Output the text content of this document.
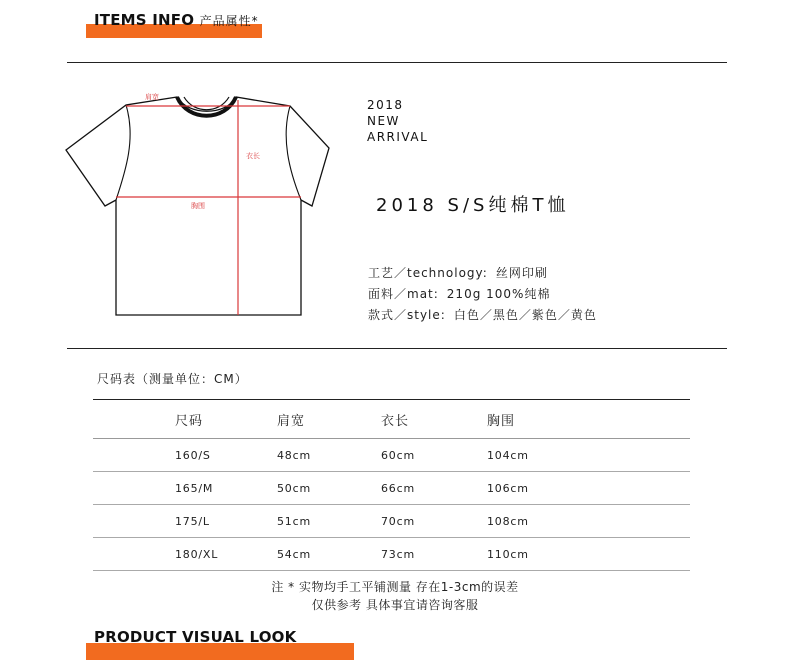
ITEMS INFO 产品属性*
肩宽
衣长
胸围
2018
NEW
ARRIVAL
2018 S/S纯棉T恤
工艺／technology: 丝网印刷
面料／mat: 210g 100%纯棉
款式／style: 白色／黑色／紫色／黄色
尺码表（测量单位：CM）
尺码	肩宽	衣长	胸围
160/S	48cm	60cm	104cm
165/M	50cm	66cm	106cm
175/L	51cm	70cm	108cm
180/XL	54cm	73cm	110cm
注 * 实物均手工平铺测量 存在1-3cm的误差
仅供参考 具体事宜请咨询客服
PRODUCT VISUAL LOOK
